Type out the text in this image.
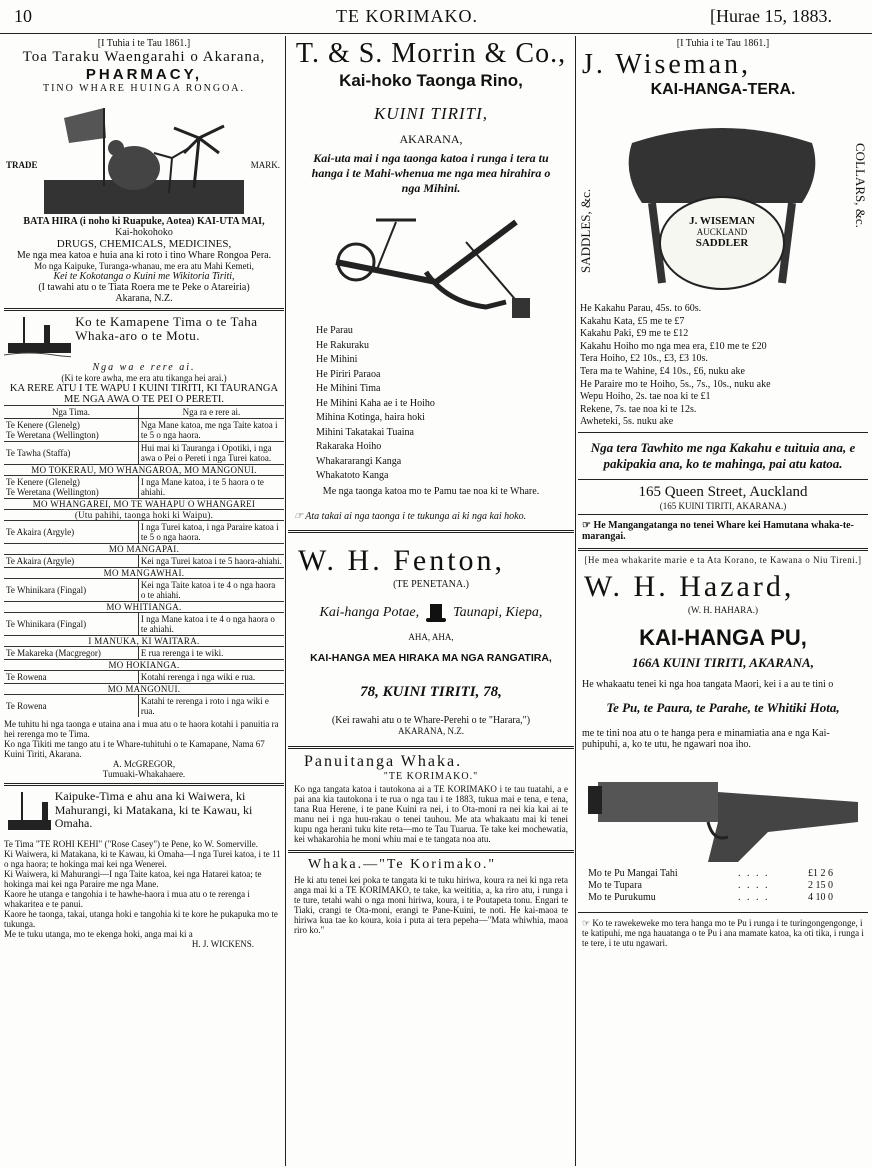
10	TE KORIMAKO.	[Hurae 15, 1883.
[I Tuhia i te Tau 1861.]
Toa Taraku Waengarahi o Akarana,
PHARMACY,
TINO WHARE HUINGA RONGOA.
TRADE	MARK.
BATA HIRA (i noho ki Ruapuke, Aotea) KAI-UTA MAI,
Kai-hokohoko
DRUGS, CHEMICALS, MEDICINES,
Me nga mea katoa e huia ana ki roto i tino Whare Rongoa Pera.
Mo nga Kaipuke, Turanga-whanau, me era atu Mahi Kemeti,
Kei te Kokotanga o Kuini me Wikitoria Tiriti,
(I tawahi atu o te Tiata Roera me te Peke o Atareiria)
Akarana, N.Z.
Ko te Kamapene Tima o te Taha Whaka-aro o te Motu.
Nga wa e rere ai.
(Ki te kore awha, me era atu tikanga hei arai.)
KA RERE ATU I TE WAPU I KUINI TIRITI, KI TAURANGA ME NGA AWA O TE PEI O PERETI.
Nga Tima.	Nga ra e rere ai.
Te Kenere (Glenelg)
Te Weretana (Wellington)	Nga Mane katoa, me nga Taite katoa i te 5 o nga haora.
Te Tawha (Staffa)	Hui mai ki Tauranga i Opotiki, i nga awa o Pei o Pereti i nga Turei katoa.
MO TOKERAU, MO WHANGAROA, MO MANGONUI.	
Te Kenere (Glenelg)
Te Weretana (Wellington)	I nga Mane katoa, i te 5 haora o te ahiahi.
MO WHANGAREI, MO TE WAHAPU O WHANGAREI	
(Utu pahihi, taonga hoki ki Waipu).	
Te Akaira (Argyle)	I nga Turei katoa, i nga Paraire katoa i te 5 o nga haora.
MO MANGAPAI.	
Te Akaira (Argyle)	Kei nga Turei katoa i te 5 haora-ahiahi.
MO MANGAWHAI.	
Te Whinikara (Fingal)	Kei nga Taite katoa i te 4 o nga haora o te ahiahi.
MO WHITIANGA.	
Te Whinikara (Fingal)	I nga Mane katoa i te 4 o nga haora o te ahiahi.
I MANUKA, KI WAITARA.	
Te Makareka (Macgregor)	E rua rerenga i te wiki.
MO HOKIANGA.	
Te Rowena	Kotahi rerenga i nga wiki e rua.
MO MANGONUI.	
Te Rowena	Katahi te rerenga i roto i nga wiki e rua.
Me tuhitu hi nga taonga e utaina ana i mua atu o te haora kotahi i panuitia ra hei rerenga mo te Tima.
Ko nga Tikiti me tango atu i te Whare-tuhituhi o te Kamapane, Nama 67 Kuini Tiriti, Akarana.
A. McGREGOR,
Tumuaki-Whakahaere.
Kaipuke-Tima e ahu ana ki Waiwera, ki Mahurangi, ki Matakana, ki te Kawau, ki Omaha.
Te Tima "TE ROHI KEHI" ("Rose Casey") te Pene, ko W. Somerville.
Ki Waiwera, ki Matakana, ki te Kawau, ki Omaha—I nga Turei katoa, i te 11 o nga haora; te hokinga mai kei nga Wenerei.
Ki Waiwera, ki Mahurangi—I nga Taite katoa, kei nga Hatarei katoa; te hokinga mai kei nga Paraire me nga Mane.
Kaore he utanga e tangohia i te hawhe-haora i mua atu o te rerenga i whakaritea e te panui.
Kaore he taonga, takai, utanga hoki e tangohia ki te kore he pukapuka mo te tukunga.
Me te tuku utanga, mo te ekenga hoki, anga mai ki a
H. J. WICKENS.
T. & S. Morrin & Co.,
Kai-hoko Taonga Rino,
KUINI TIRITI,
AKARANA,
Kai-uta mai i nga taonga katoa i runga i tera tu hanga i te Mahi-whenua me nga mea hirahira o nga Mihini.
He Parau
He Rakuraku
He Mihini
He Piriri Paraoa
He Mihini Tima
He Mihini Kaha ae i te Hoiho
Mihina Kotinga, haira hoki
Mihini Takatakai Tuaina
Rakaraka Hoiho
Whakararangi Kanga
Whakatoto Kanga
Me nga taonga katoa mo te Pamu tae noa ki te Whare.
☞ Ata takai ai nga taonga i te tukunga ai ki nga kai hoko.
W. H. Fenton,
(TE PENETANA.)
Kai-hanga Potae, Taunapi, Kiepa,
AHA, AHA,
KAI-HANGA MEA HIRAKA MA NGA RANGATIRA,
78, KUINI TIRITI, 78,
(Kei rawahi atu o te Whare-Perehi o te "Harara,")
AKARANA, N.Z.
Panuitanga Whaka.
"TE KORIMAKO."
Ko nga tangata katoa i tautokona ai a TE KORIMAKO i te tau tuatahi, a e pai ana kia tautokona i te rua o nga tau i te 1883, tukua mai e tena, e tena, tana Rua Herene, i te pane Kuini ra nei, i to Ota-moni ra nei kia kai ai te manu nei i nga huu-rakau o tenei tauhou. Me ata whakaatu mai ki tenei kupu nga herani tuku kite reta—mo te Tau Tuarua. Te take kei mochewatia, kei whakarohia he moni whiu mai e te tangata noa atu.
Whaka.—"Te Korimako."
He ki atu tenei kei poka te tangata ki te tuku hiriwa, koura ra nei ki nga reta anga mai ki a TE KORIMAKO, te take, ka weititia, a, ka riro atu, i runga i te ture, tetahi wahi o nga moni hiriwa, koura, i te Poutapeta tonu. Engari te Tiaki, crangi te Ota-moni, erangi te Pane-Kuini, te noti. He kai-maoa te hiriwa kua tae ko koura, koia i puta ai tera pepeha—"Mata whiwhia, maoa riro ko."
[I Tuhia i te Tau 1861.]
J. Wiseman,
KAI-HANGA-TERA.
SADDLES, &c.
COLLARS, &c.
J. WISEMAN
AUCKLAND
SADDLER
He Kakahu Parau, 45s. to 60s.
Kakahu Kata, £5 me te £7
Kakahu Paki, £9 me te £12
Kakahu Hoiho mo nga mea era, £10 me te £20
Tera Hoiho, £2 10s., £3, £3 10s.
Tera ma te Wahine, £4 10s., £6, nuku ake
He Paraire mo te Hoiho, 5s., 7s., 10s., nuku ake
Wepu Hoiho, 2s. tae noa ki te £1
Rekene, 7s. tae noa ki te 12s.
Awheteki, 5s. nuku ake
Nga tera Tawhito me nga Kakahu e tuituia ana, e pakipakia ana, ko te mahinga, pai atu katoa.
165 Queen Street, Auckland
(165 KUINI TIRITI, AKARANA.)
☞ He Mangangatanga no tenei Whare kei Hamutana whaka-te-marangai.
[He mea whakarite marie e ta Ata Korano, te Kawana o Niu Tireni.]
W. H. Hazard,
(W. H. HAHARA.)
KAI-HANGA PU,
166A KUINI TIRITI, AKARANA,
He whakaatu tenei ki nga hoa tangata Maori, kei i a au te tini o
Te Pu, te Paura, te Parahe, te Whitiki Hota,
me te tini noa atu o te hanga pera e minamiatia ana e nga Kai-puhipuhi, a, ko te utu, he ngawari noa iho.
Mo te Pu Mangai Tahi	. . . .	£1 2 6
Mo te Tupara	. . . .	2 15 0
Mo te Purukumu	. . . .	4 10 0
☞ Ko te rawekeweke mo tera hanga mo te Pu i runga i te turingongengonge, i te katipuhi, me nga hauatanga o te Pu i ana mamate katoa, ka oti tika, i runga i te tere, i te utu ngawari.
